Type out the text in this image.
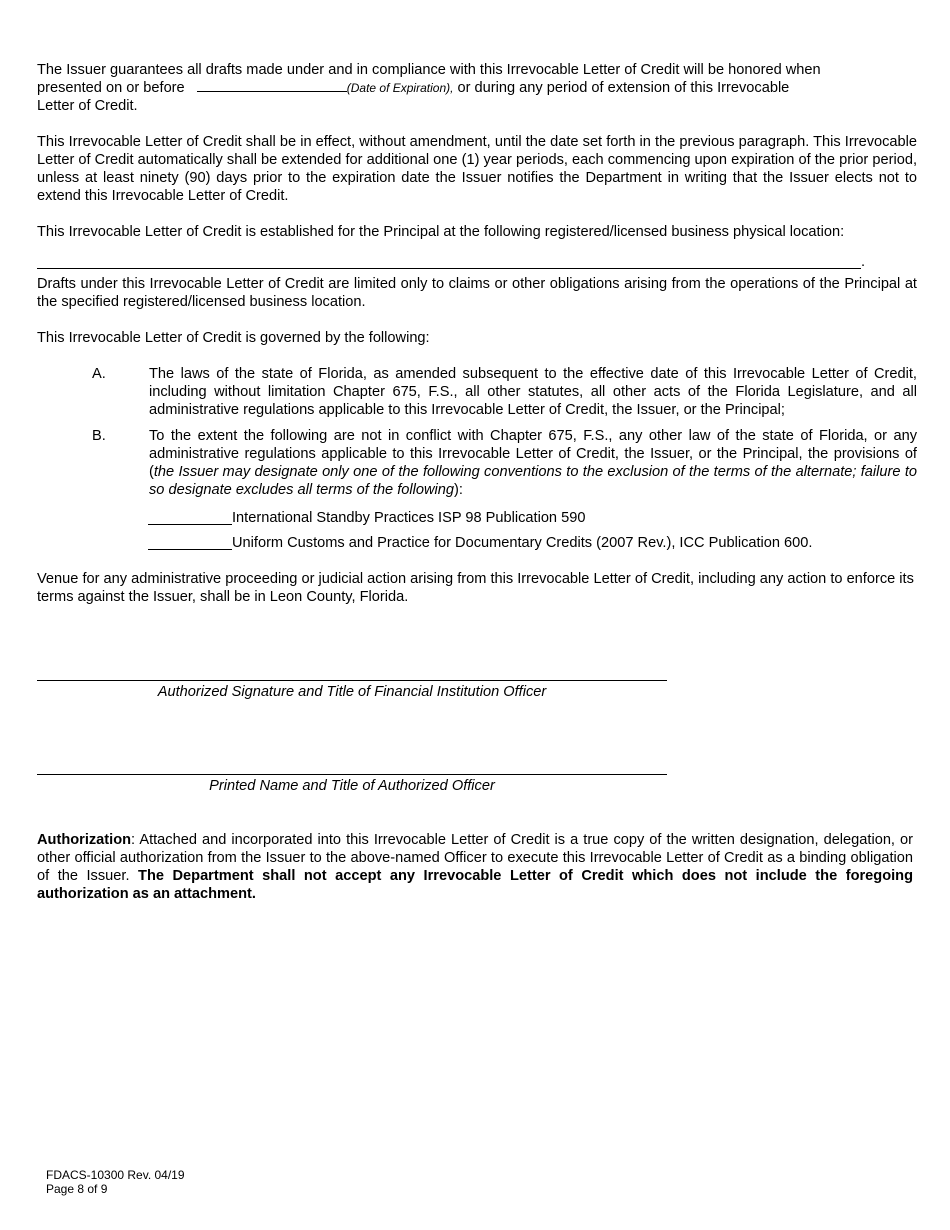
The Issuer guarantees all drafts made under and in compliance with this Irrevocable Letter of Credit will be honored when
presented on or before	(Date of Expiration), or during any period of extension of this Irrevocable
Letter of Credit.

This Irrevocable Letter of Credit shall be in effect, without amendment, until the date set forth in the previous paragraph. This Irrevocable Letter of Credit automatically shall be extended for additional one (1) year periods, each commencing upon expiration of the prior period, unless at least ninety (90) days prior to the expiration date the Issuer notifies the Department in writing that the Issuer elects not to extend this Irrevocable Letter of Credit.

This Irrevocable Letter of Credit is established for the Principal at the following registered/licensed business physical location:

.

Drafts under this Irrevocable Letter of Credit are limited only to claims or other obligations arising from the operations of the Principal at the specified registered/licensed business location.

This Irrevocable Letter of Credit is governed by the following:

A.	The laws of the state of Florida, as amended subsequent to the effective date of this Irrevocable Letter of Credit, including without limitation Chapter 675, F.S., all other statutes, all other acts of the Florida Legislature, and all administrative regulations applicable to this Irrevocable Letter of Credit, the Issuer, or the Principal;
B.	To the extent the following are not in conflict with Chapter 675, F.S., any other law of the state of Florida, or any administrative regulations applicable to this Irrevocable Letter of Credit, the Issuer, or the Principal, the provisions of (the Issuer may designate only one of the following conventions to the exclusion of the terms of the alternate; failure to so designate excludes all terms of the following):
International Standby Practices ISP 98 Publication 590
Uniform Customs and Practice for Documentary Credits (2007 Rev.), ICC Publication 600.

Venue for any administrative proceeding or judicial action arising from this Irrevocable Letter of Credit, including any action to enforce its terms against the Issuer, shall be in Leon County, Florida.

Authorized Signature and Title of Financial Institution Officer
Printed Name and Title of Authorized Officer

Authorization: Attached and incorporated into this Irrevocable Letter of Credit is a true copy of the written designation, delegation, or other official authorization from the Issuer to the above-named Officer to execute this Irrevocable Letter of Credit as a binding obligation of the Issuer. The Department shall not accept any Irrevocable Letter of Credit which does not include the foregoing authorization as an attachment.

FDACS-10300 Rev. 04/19
Page 8 of 9
